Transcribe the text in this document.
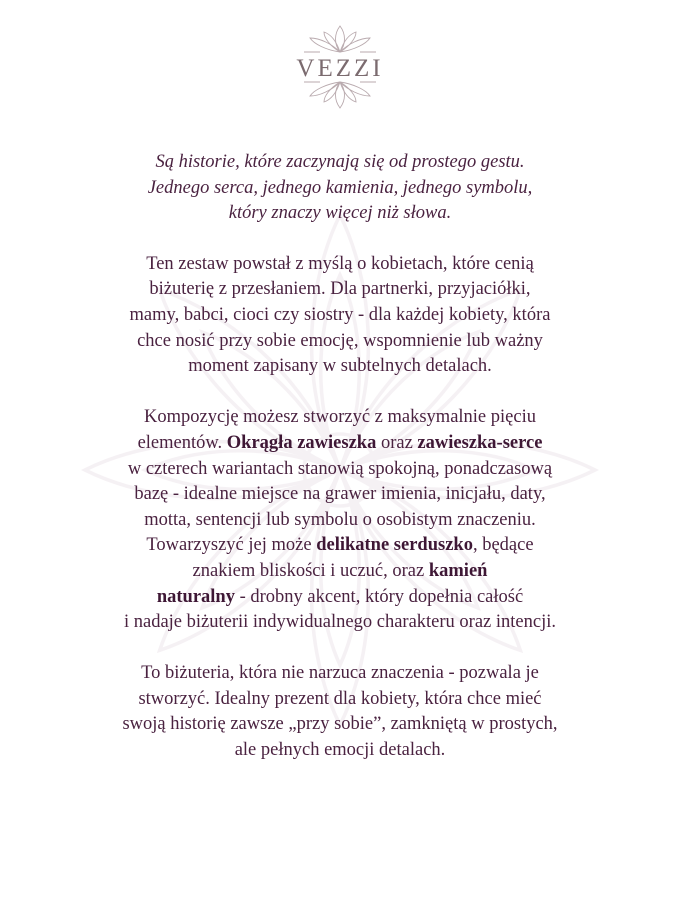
VEZZI

Są historie, które zaczynają się od prostego gestu.
Jednego serca, jednego kamienia, jednego symbolu,
który znaczy więcej niż słowa.

Ten zestaw powstał z myślą o kobietach, które cenią
biżuterię z przesłaniem. Dla partnerki, przyjaciółki,
mamy, babci, cioci czy siostry - dla każdej kobiety, która
chce nosić przy sobie emocję, wspomnienie lub ważny
moment zapisany w subtelnych detalach.

Kompozycję możesz stworzyć z maksymalnie pięciu
elementów. Okrągła zawieszka oraz zawieszka-serce
w czterech wariantach stanowią spokojną, ponadczasową
bazę - idealne miejsce na grawer imienia, inicjału, daty,
motta, sentencji lub symbolu o osobistym znaczeniu.
Towarzyszyć jej może delikatne serduszko, będące
znakiem bliskości i uczuć, oraz kamień
naturalny - drobny akcent, który dopełnia całość
i nadaje biżuterii indywidualnego charakteru oraz intencji.

To biżuteria, która nie narzuca znaczenia - pozwala je
stworzyć. Idealny prezent dla kobiety, która chce mieć
swoją historię zawsze „przy sobie”, zamkniętą w prostych,
ale pełnych emocji detalach.
